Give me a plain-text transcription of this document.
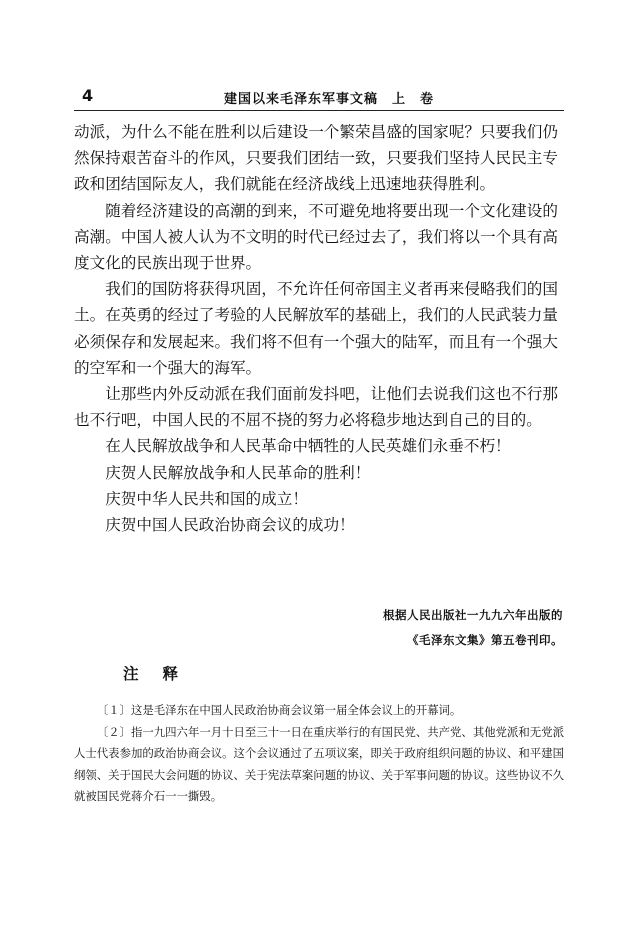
4	建国以来毛泽东军事文稿　上　卷

动派，为什么不能在胜利以后建设一个繁荣昌盛的国家呢？只要我们仍然保持艰苦奋斗的作风，只要我们团结一致，只要我们坚持人民民主专政和团结国际友人，我们就能在经济战线上迅速地获得胜利。

随着经济建设的高潮的到来，不可避免地将要出现一个文化建设的高潮。中国人被人认为不文明的时代已经过去了，我们将以一个具有高度文化的民族出现于世界。

我们的国防将获得巩固，不允许任何帝国主义者再来侵略我们的国土。在英勇的经过了考验的人民解放军的基础上，我们的人民武装力量必须保存和发展起来。我们将不但有一个强大的陆军，而且有一个强大的空军和一个强大的海军。

让那些内外反动派在我们面前发抖吧，让他们去说我们这也不行那也不行吧，中国人民的不屈不挠的努力必将稳步地达到自己的目的。

在人民解放战争和人民革命中牺牲的人民英雄们永垂不朽！

庆贺人民解放战争和人民革命的胜利！

庆贺中华人民共和国的成立！

庆贺中国人民政治协商会议的成功！

根据人民出版社一九九六年出版的
《毛泽东文集》第五卷刊印。
注释

〔１〕这是毛泽东在中国人民政治协商会议第一届全体会议上的开幕词。

〔２〕指一九四六年一月十日至三十一日在重庆举行的有国民党、共产党、其他党派和无党派人士代表参加的政治协商会议。这个会议通过了五项议案，即关于政府组织问题的协议、和平建国纲领、关于国民大会问题的协议、关于宪法草案问题的协议、关于军事问题的协议。这些协议不久就被国民党蒋介石一一撕毁。
